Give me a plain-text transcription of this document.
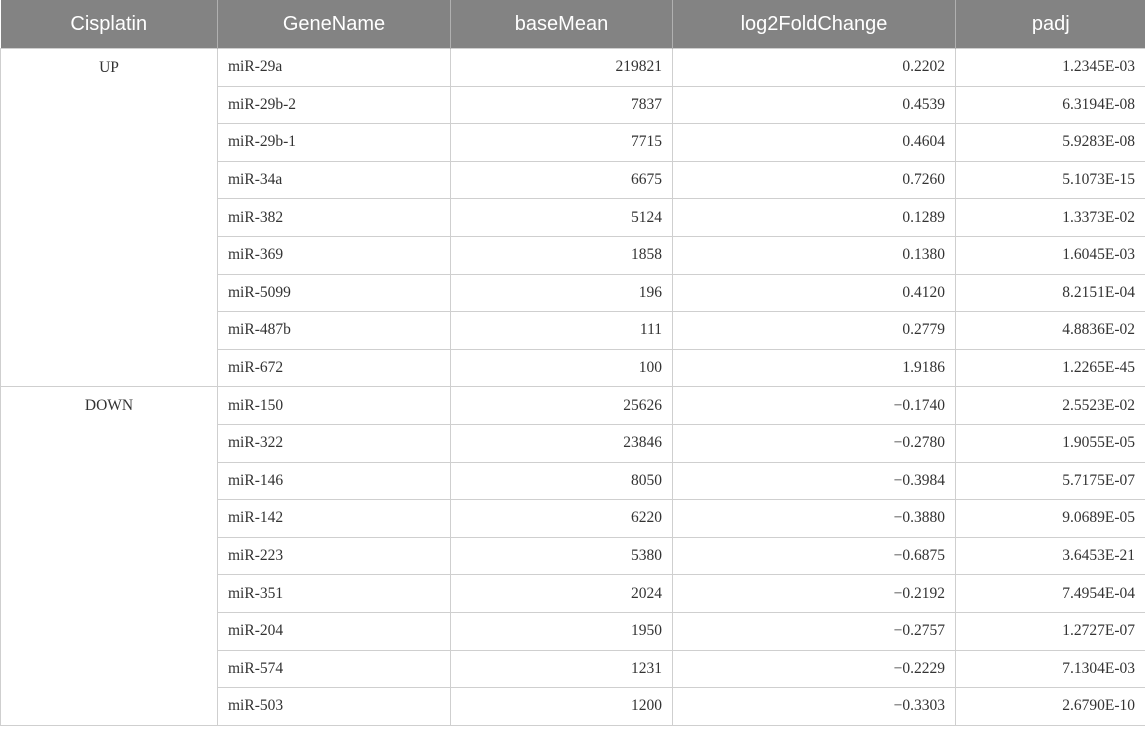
Cisplatin	GeneName	baseMean	log2FoldChange	padj
UP	miR-29a	219821	0.2202	1.2345E-03
	miR-29b-2	7837	0.4539	6.3194E-08
	miR-29b-1	7715	0.4604	5.9283E-08
	miR-34a	6675	0.7260	5.1073E-15
	miR-382	5124	0.1289	1.3373E-02
	miR-369	1858	0.1380	1.6045E-03
	miR-5099	196	0.4120	8.2151E-04
	miR-487b	111	0.2779	4.8836E-02
	miR-672	100	1.9186	1.2265E-45
DOWN	miR-150	25626	−0.1740	2.5523E-02
	miR-322	23846	−0.2780	1.9055E-05
	miR-146	8050	−0.3984	5.7175E-07
	miR-142	6220	−0.3880	9.0689E-05
	miR-223	5380	−0.6875	3.6453E-21
	miR-351	2024	−0.2192	7.4954E-04
	miR-204	1950	−0.2757	1.2727E-07
	miR-574	1231	−0.2229	7.1304E-03
	miR-503	1200	−0.3303	2.6790E-10
